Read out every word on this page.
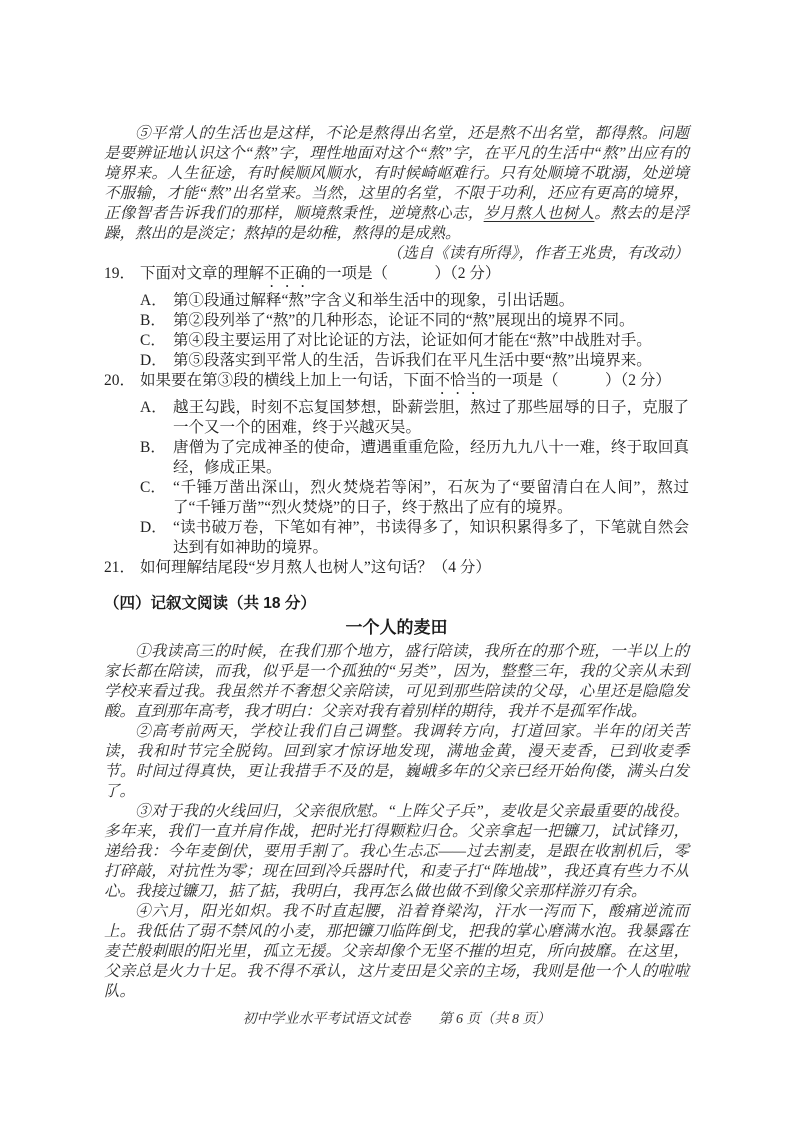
⑤平常人的生活也是这样，不论是熬得出名堂，还是熬不出名堂，都得熬。问题是要辨证地认识这个“熬”字，理性地面对这个“熬”字，在平凡的生活中“熬”出应有的境界来。人生征途，有时候顺风顺水，有时候崎岖难行。只有处顺境不耽溺，处逆境不服输，才能“熬”出名堂来。当然，这里的名堂，不限于功利，还应有更高的境界，正像智者告诉我们的那样，顺境熬秉性，逆境熬心志，岁月熬人也树人。熬去的是浮躁，熬出的是淡定；熬掉的是幼稚，熬得的是成熟。

（选自《读有所得》，作者王兆贵，有改动）

19． 下面对文章的理解不正确的一项是（　　　）（2 分）
A． 第①段通过解释“熬”字含义和举生活中的现象，引出话题。
B． 第②段列举了“熬”的几种形态，论证不同的“熬”展现出的境界不同。
C． 第④段主要运用了对比论证的方法，论证如何才能在“熬”中战胜对手。
D． 第⑤段落实到平常人的生活，告诉我们在平凡生活中要“熬”出境界来。
20． 如果要在第③段的横线上加上一句话，下面不恰当的一项是（　　　）（2 分）
A． 越王勾践，时刻不忘复国梦想，卧薪尝胆，熬过了那些屈辱的日子，克服了一个又一个的困难，终于兴越灭吴。
B． 唐僧为了完成神圣的使命，遭遇重重危险，经历九九八十一难，终于取回真经，修成正果。
C． “千锤万凿出深山，烈火焚烧若等闲”，石灰为了“要留清白在人间”，熬过了“千锤万凿”“烈火焚烧”的日子，终于熬出了应有的境界。
D． “读书破万卷，下笔如有神”，书读得多了，知识积累得多了，下笔就自然会达到有如神助的境界。
21． 如何理解结尾段“岁月熬人也树人”这句话？（4 分）
（四）记叙文阅读（共 18 分）
一个人的麦田

①我读高三的时候，在我们那个地方，盛行陪读，我所在的那个班，一半以上的家长都在陪读，而我，似乎是一个孤独的“另类”，因为，整整三年，我的父亲从未到学校来看过我。我虽然并不奢想父亲陪读，可见到那些陪读的父母，心里还是隐隐发酸。直到那年高考，我才明白：父亲对我有着别样的期待，我并不是孤军作战。

②高考前两天，学校让我们自己调整。我调转方向，打道回家。半年的闭关苦读，我和时节完全脱钩。回到家才惊讶地发现，满地金黄，漫天麦香，已到收麦季节。时间过得真快，更让我措手不及的是，巍峨多年的父亲已经开始佝偻，满头白发了。

③对于我的火线回归，父亲很欣慰。“上阵父子兵”，麦收是父亲最重要的战役。多年来，我们一直并肩作战，把时光打得颗粒归仓。父亲拿起一把镰刀，试试锋刃，递给我：今年麦倒伏，要用手割了。我心生忐忑——过去割麦，是跟在收割机后，零打碎敲，对抗性为零；现在回到冷兵器时代，和麦子打“阵地战”，我还真有些力不从心。我接过镰刀，掂了掂，我明白，我再怎么做也做不到像父亲那样游刃有余。

④六月，阳光如炽。我不时直起腰，沿着脊梁沟，汗水一泻而下，酸痛逆流而上。我低估了弱不禁风的小麦，那把镰刀临阵倒戈，把我的掌心磨满水泡。我暴露在麦芒般刺眼的阳光里，孤立无援。父亲却像个无坚不摧的坦克，所向披靡。在这里，父亲总是火力十足。我不得不承认，这片麦田是父亲的主场，我则是他一个人的啦啦队。

初中学业水平考试语文试卷　　第 6 页（共 8 页）
